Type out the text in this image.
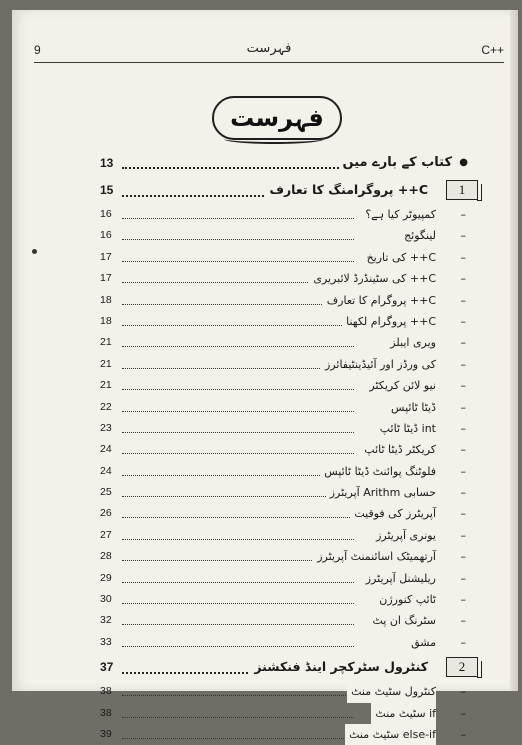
9	فہرست	C++
فہرست
13	کتاب کے بارے میں ●
15	C++ پروگرامنگ کا تعارف	1
16	کمپیوٹر کیا ہے؟ –
16	لینگوئج –
17	C++ کی تاریخ –
17	C++ کی سٹینڈرڈ لائبریری –
18	C++ پروگرام کا تعارف –
18	C++ پروگرام لکھنا –
21	ویری ایبلز –
21	کی ورڈز اور آئیڈینٹیفائرز –
21	نیو لائن کریکٹر –
22	ڈیٹا ٹائپس –
23	int ڈیٹا ٹائپ –
24	کریکٹر ڈیٹا ٹائپ –
24	فلوٹنگ پوائنٹ ڈیٹا ٹائپس –
25	حسابی Arithm آپریٹرز –
26	آپریٹرز کی فوقیت –
27	یونری آپریٹرز –
28	آرتھمیٹک اسائنمنٹ آپریٹرز –
29	ریلیشنل آپریٹرز –
30	ٹائپ کنورژن –
32	سٹرنگ ان پٹ –
33	مشق –
37	کنٹرول سٹرکچر اینڈ فنکشنز	2
38	کنٹرول سٹیٹ منٹ –
38	if سٹیٹ منٹ –
39	else-if سٹیٹ منٹ –
